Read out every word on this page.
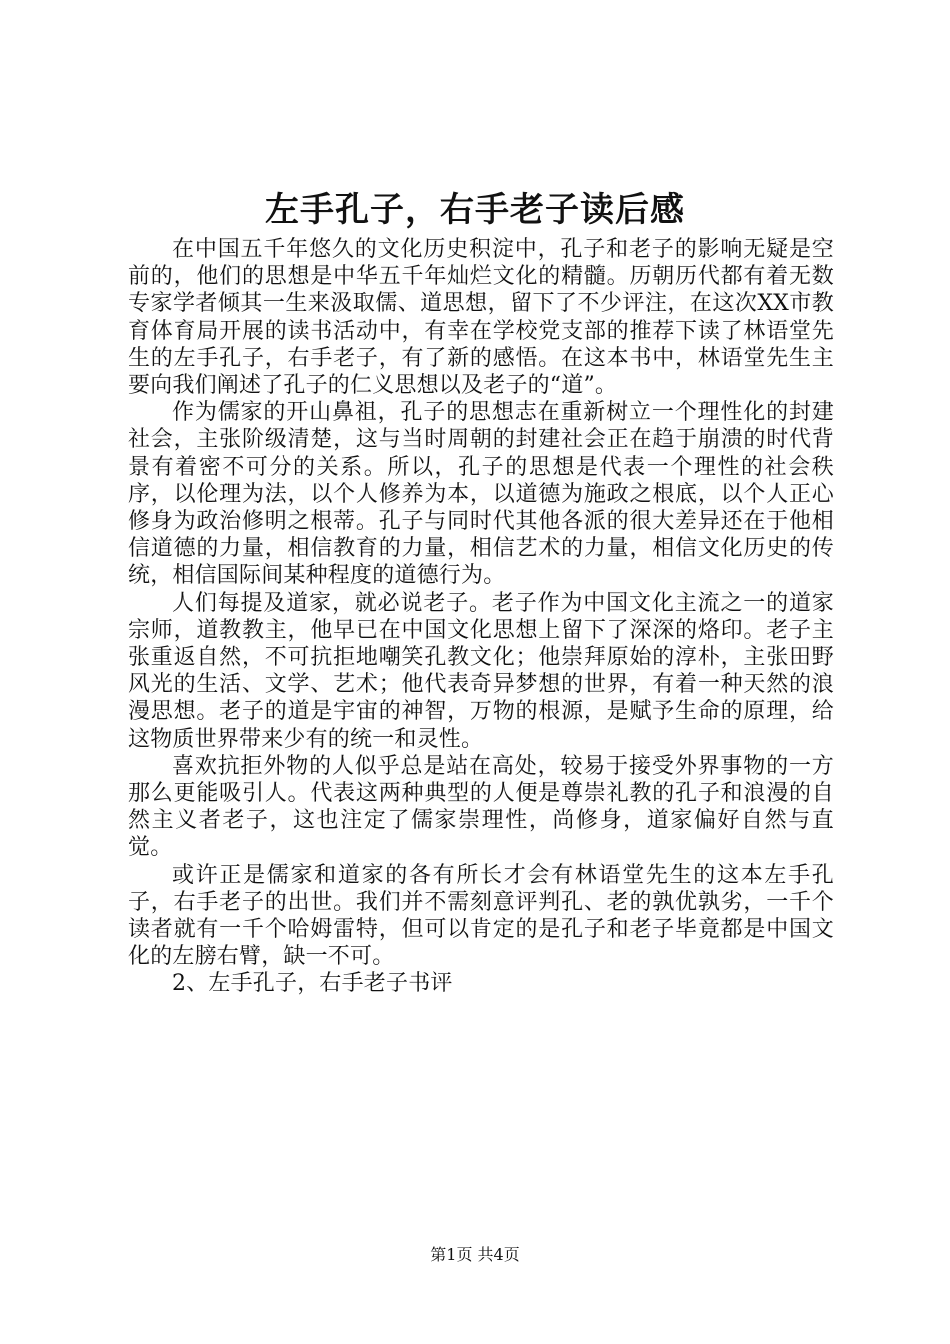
左手孔子，右手老子读后感

在中国五千年悠久的文化历史积淀中，孔子和老子的影响无疑是空前的，他们的思想是中华五千年灿烂文化的精髓。历朝历代都有着无数专家学者倾其一生来汲取儒、道思想，留下了不少评注，在这次XX市教育体育局开展的读书活动中，有幸在学校党支部的推荐下读了林语堂先生的左手孔子，右手老子，有了新的感悟。在这本书中，林语堂先生主要向我们阐述了孔子的仁义思想以及老子的“道”。

作为儒家的开山鼻祖，孔子的思想志在重新树立一个理性化的封建社会，主张阶级清楚，这与当时周朝的封建社会正在趋于崩溃的时代背景有着密不可分的关系。所以，孔子的思想是代表一个理性的社会秩序，以伦理为法，以个人修养为本，以道德为施政之根底，以个人正心修身为政治修明之根蒂。孔子与同时代其他各派的很大差异还在于他相信道德的力量，相信教育的力量，相信艺术的力量，相信文化历史的传统，相信国际间某种程度的道德行为。

人们每提及道家，就必说老子。老子作为中国文化主流之一的道家宗师，道教教主，他早已在中国文化思想上留下了深深的烙印。老子主张重返自然，不可抗拒地嘲笑孔教文化；他崇拜原始的淳朴，主张田野风光的生活、文学、艺术；他代表奇异梦想的世界，有着一种天然的浪漫思想。老子的道是宇宙的神智，万物的根源，是赋予生命的原理，给这物质世界带来少有的统一和灵性。

喜欢抗拒外物的人似乎总是站在高处，较易于接受外界事物的一方那么更能吸引人。代表这两种典型的人便是尊崇礼教的孔子和浪漫的自然主义者老子，这也注定了儒家崇理性，尚修身，道家偏好自然与直觉。

或许正是儒家和道家的各有所长才会有林语堂先生的这本左手孔子，右手老子的出世。我们并不需刻意评判孔、老的孰优孰劣，一千个读者就有一千个哈姆雷特，但可以肯定的是孔子和老子毕竟都是中国文化的左膀右臂，缺一不可。

2、左手孔子，右手老子书评

第1页 共4页
